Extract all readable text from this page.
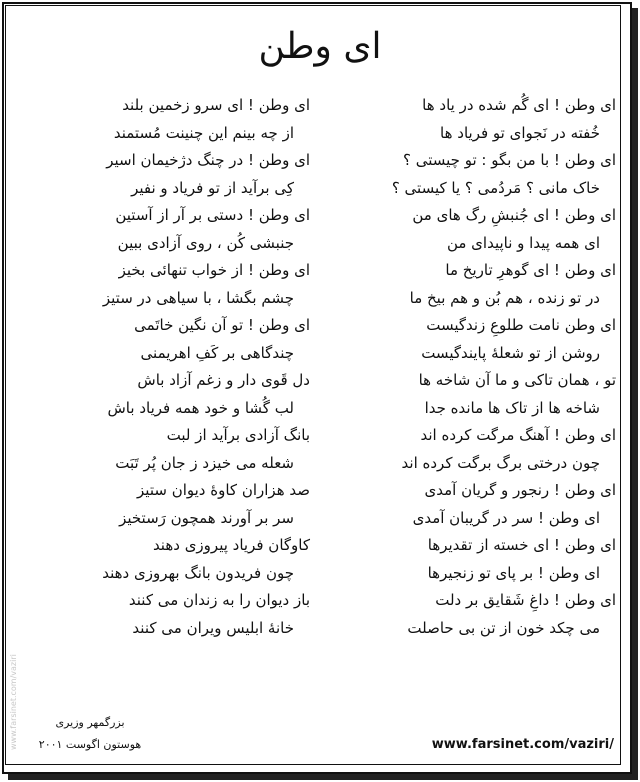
ای وطن
ای وطن ! ای گُم شده در یاد ها
خُفته در نَجوای تو فریاد ها
ای وطن ! با من بگو : تو چیستی ؟
خاک مانی ؟ مَردُمی ؟ یا کیستی ؟
ای وطن ! ای جُنبشِ رگ های من
ای همه پیدا و ناپیدای من
ای وطن ! ای گوهرِ تاریخ ما
در تو زنده ، هم بُن و هم بیخ ما
ای وطن نامت طلوعِ زندگیست
روشن از تو شعلهٔ پایندگیست
تو ، همان تاکی و ما آن شاخه ها
شاخه ها از تاک ها مانده جدا
ای وطن ! آهنگ مرگت کرده اند
چون درختی برگ برگت کرده اند
ای وطن ! رنجور و گریان آمدی
ای وطن ! سر در گریبان آمدی
ای وطن ! ای خسته از تقدیرها
ای وطن ! بر پای تو زنجیرها
ای وطن ! داغِ شَقایق بر دلت
می چکد خون از تن بی حاصلت
ای وطن ! ای سرو زخمین بلند
از چه بینم این چنینت مُستمند
ای وطن ! در چنگ دژخیمان اسیر
کِی برآید از تو فریاد و نفیر
ای وطن ! دستی بر آر از آستین
جنبشی کُن ، روی آزادی ببین
ای وطن ! از خواب تنهائی بخیز
چشم بگشا ، با سیاهی در ستیز
ای وطن ! تو آن نگین خاتَمی
چندگاهی بر کَفِ اهریمنی
دل قَوی دار و زغم آزاد باش
لب گُشا و خود همه فریاد باش
بانگ آزادی برآید از لبت
شعله می خیزد ز جان پُر تَبَت
صد هزاران کاوهٔ دیوان ستیز
سر بر آورند همچون رَستخیز
کاوگان فریاد پیروزی دهند
چون فریدون بانگ بهروزی دهند
باز دیوان را به زندان می کنند
خانهٔ ابلیس ویران می کنند
بزرگمهر وزیری
هوستون اگوست ۲۰۰۱	www.farsinet.com/vaziri/
www.farsinet.com/vaziri
